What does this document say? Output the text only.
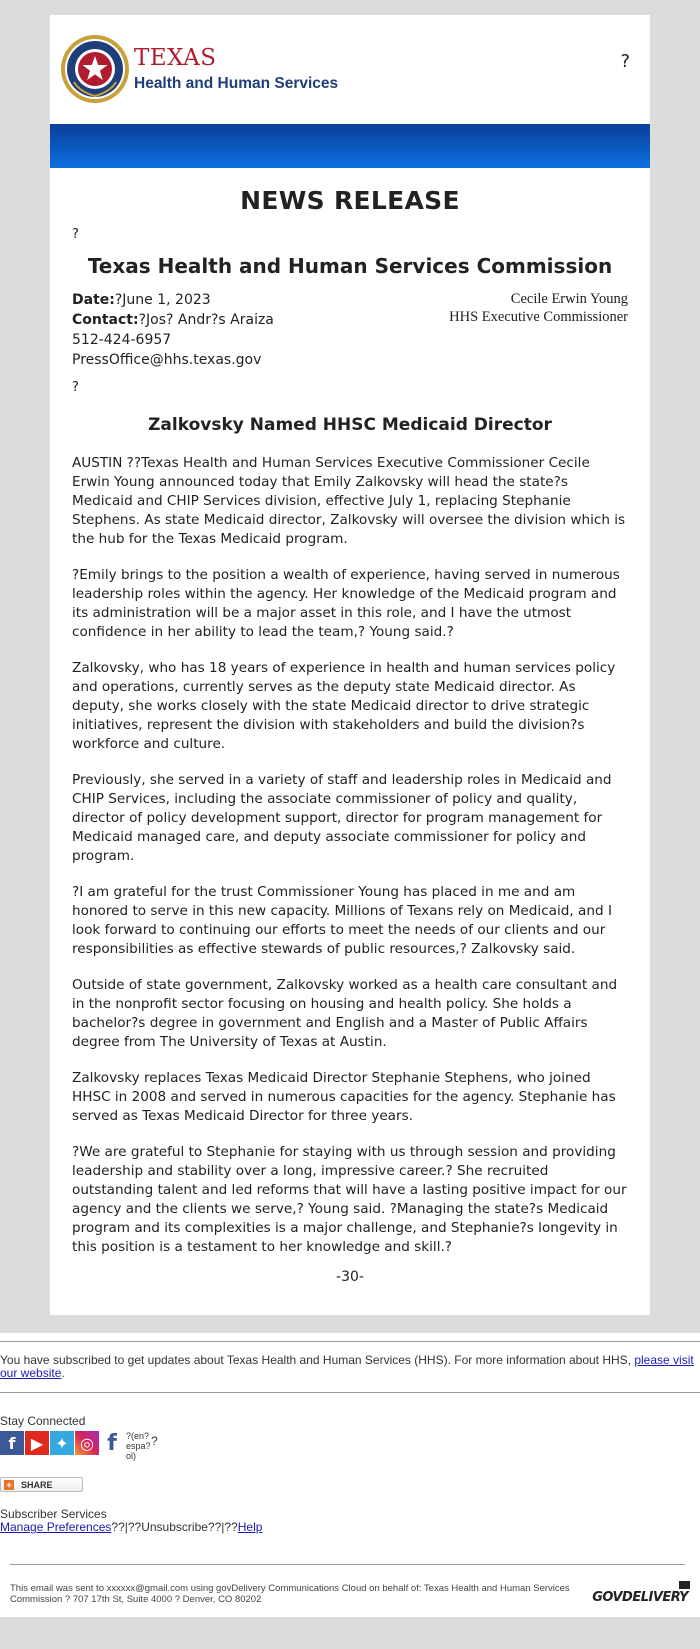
TEXAS
Health and Human Services
?
NEWS RELEASE
?
Texas Health and Human Services Commission
Date:?June 1, 2023
Contact:?Jos? Andr?s Araiza
512-424-6957
PressOffice@hhs.texas.gov
Cecile Erwin Young
HHS Executive Commissioner
?
Zalkovsky Named HHSC Medicaid Director

AUSTIN ??Texas Health and Human Services Executive Commissioner Cecile Erwin Young announced today that Emily Zalkovsky will head the state?s Medicaid and CHIP Services division, effective July 1, replacing Stephanie Stephens. As state Medicaid director, Zalkovsky will oversee the division which is the hub for the Texas Medicaid program.

?Emily brings to the position a wealth of experience, having served in numerous leadership roles within the agency. Her knowledge of the Medicaid program and its administration will be a major asset in this role, and I have the utmost confidence in her ability to lead the team,? Young said.?

Zalkovsky, who has 18 years of experience in health and human services policy and operations, currently serves as the deputy state Medicaid director. As deputy, she works closely with the state Medicaid director to drive strategic initiatives, represent the division with stakeholders and build the division?s workforce and culture.

Previously, she served in a variety of staff and leadership roles in Medicaid and CHIP Services, including the associate commissioner of policy and quality, director of policy development support, director for program management for Medicaid managed care, and deputy associate commissioner for policy and program.

?I am grateful for the trust Commissioner Young has placed in me and am honored to serve in this new capacity. Millions of Texans rely on Medicaid, and I look forward to continuing our efforts to meet the needs of our clients and our responsibilities as effective stewards of public resources,? Zalkovsky said.

Outside of state government, Zalkovsky worked as a health care consultant and in the nonprofit sector focusing on housing and health policy. She holds a bachelor?s degree in government and English and a Master of Public Affairs degree from The University of Texas at Austin.

Zalkovsky replaces Texas Medicaid Director Stephanie Stephens, who joined HHSC in 2008 and served in numerous capacities for the agency. Stephanie has served as Texas Medicaid Director for three years.

?We are grateful to Stephanie for staying with us through session and providing leadership and stability over a long, impressive career.? She recruited outstanding talent and led reforms that will have a lasting positive impact for our agency and the clients we serve,? Young said. ?Managing the state?s Medicaid program and its complexities is a major challenge, and Stephanie?s longevity in this position is a testament to her knowledge and skill.?

-30-
You have subscribed to get updates about Texas Health and Human Services (HHS). For more information about HHS, please visit our website.
Stay Connected
f ▶ ✦ ◎ f	?(en? espa?ol)
?
+ SHARE
Subscriber Services
Manage Preferences??|??Unsubscribe??|??Help
This email was sent to xxxxxx@gmail.com using govDelivery Communications Cloud on behalf of: Texas Health and Human Services Commission ? 707 17th St, Suite 4000 ? Denver, CO 80202	GOVDELIVERY
